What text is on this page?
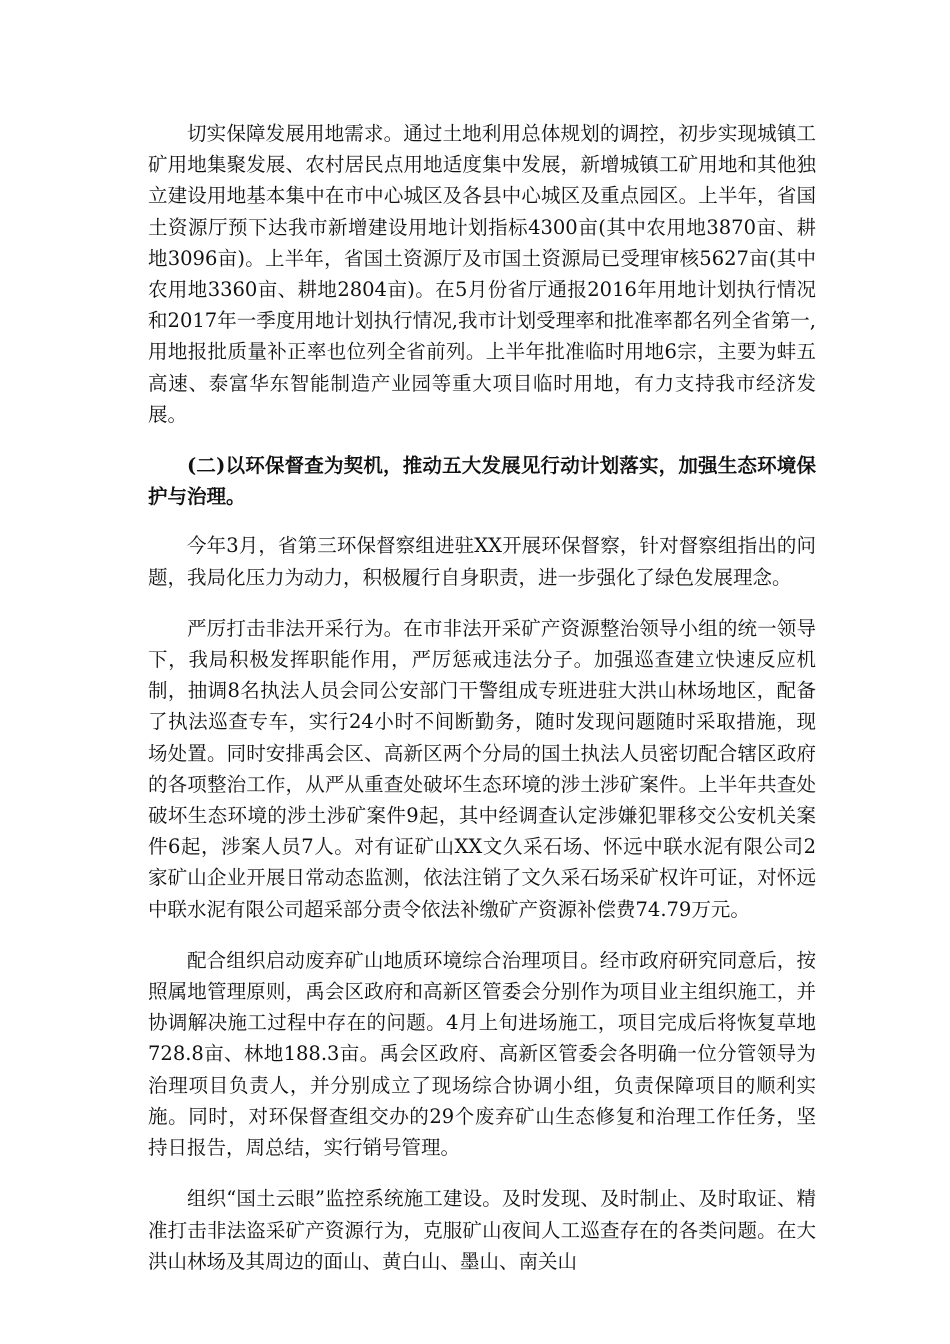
切实保障发展用地需求。通过土地利用总体规划的调控，初步实现城镇工矿用地集聚发展、农村居民点用地适度集中发展，新增城镇工矿用地和其他独立建设用地基本集中在市中心城区及各县中心城区及重点园区。上半年，省国土资源厅预下达我市新增建设用地计划指标4300亩(其中农用地3870亩、耕地3096亩)。上半年，省国土资源厅及市国土资源局已受理审核5627亩(其中农用地3360亩、耕地2804亩)。在5月份省厅通报2016年用地计划执行情况和2017年一季度用地计划执行情况,我市计划受理率和批准率都名列全省第一,用地报批质量补正率也位列全省前列。上半年批准临时用地6宗，主要为蚌五高速、泰富华东智能制造产业园等重大项目临时用地，有力支持我市经济发展。

(二)以环保督查为契机，推动五大发展见行动计划落实，加强生态环境保护与治理。

今年3月，省第三环保督察组进驻XX开展环保督察，针对督察组指出的问题，我局化压力为动力，积极履行自身职责，进一步强化了绿色发展理念。

严厉打击非法开采行为。在市非法开采矿产资源整治领导小组的统一领导下，我局积极发挥职能作用，严厉惩戒违法分子。加强巡查建立快速反应机制，抽调8名执法人员会同公安部门干警组成专班进驻大洪山林场地区，配备了执法巡查专车，实行24小时不间断勤务，随时发现问题随时采取措施，现场处置。同时安排禹会区、高新区两个分局的国土执法人员密切配合辖区政府的各项整治工作，从严从重查处破坏生态环境的涉土涉矿案件。上半年共查处破坏生态环境的涉土涉矿案件9起，其中经调查认定涉嫌犯罪移交公安机关案件6起，涉案人员7人。对有证矿山XX文久采石场、怀远中联水泥有限公司2家矿山企业开展日常动态监测，依法注销了文久采石场采矿权许可证，对怀远中联水泥有限公司超采部分责令依法补缴矿产资源补偿费74.79万元。

配合组织启动废弃矿山地质环境综合治理项目。经市政府研究同意后，按照属地管理原则，禹会区政府和高新区管委会分别作为项目业主组织施工，并协调解决施工过程中存在的问题。4月上旬进场施工，项目完成后将恢复草地728.8亩、林地188.3亩。禹会区政府、高新区管委会各明确一位分管领导为治理项目负责人，并分别成立了现场综合协调小组，负责保障项目的顺利实施。同时，对环保督查组交办的29个废弃矿山生态修复和治理工作任务，坚持日报告，周总结，实行销号管理。

组织“国土云眼”监控系统施工建设。及时发现、及时制止、及时取证、精准打击非法盗采矿产资源行为，克服矿山夜间人工巡查存在的各类问题。在大洪山林场及其周边的面山、黄白山、墨山、南关山
